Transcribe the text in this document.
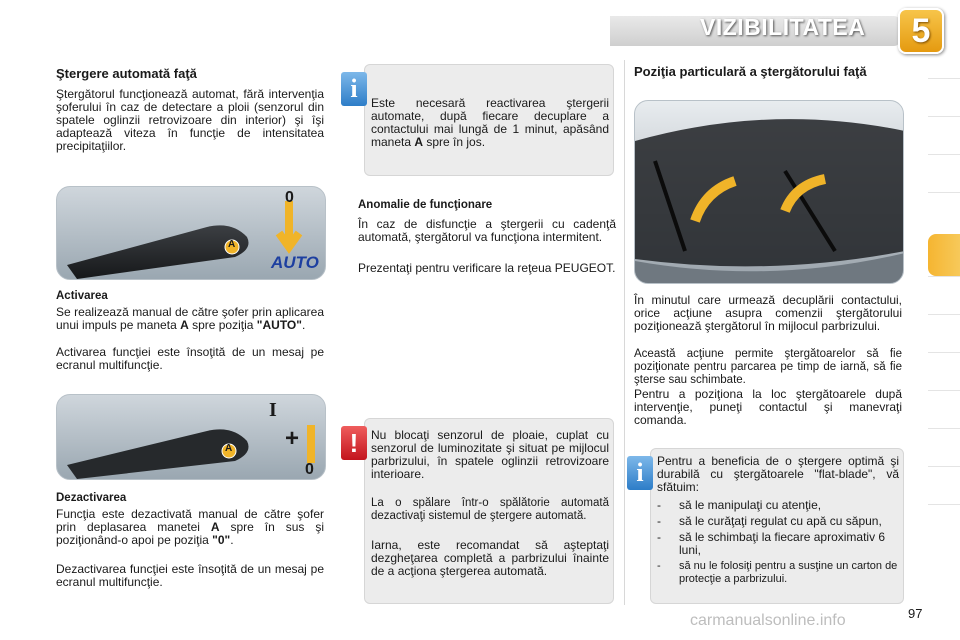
VIZIBILITATEA	5
Ştergere automată faţă
Ştergătorul funcţionează automat, fără intervenţia şoferului în caz de detectare a ploii (senzorul din spatele oglinzii retrovizoare din interior) şi îşi adaptează viteza în funcţie de intensitatea precipitaţiilor.
A
0
AUTO
Activarea
Se realizează manual de către şofer prin aplicarea unui impuls pe maneta A spre poziţia "AUTO".
Activarea funcţiei este însoţită de un mesaj pe ecranul multifuncţie.
A
I
+
0
Dezactivarea
Funcţia este dezactivată manual de către şofer prin deplasarea manetei A spre în sus şi poziţionând-o apoi pe poziţia "0".
Dezactivarea funcţiei este însoţită de un mesaj pe ecranul multifuncţie.
Este necesară reactivarea ştergerii automate, după fiecare decuplare a contactului mai lungă de 1 minut, apăsând maneta A spre în jos.
i
Anomalie de funcţionare
În caz de disfuncţie a ştergerii cu cadenţă automată, ştergătorul va funcţiona intermitent.
Prezentaţi pentru verificare la reţeua PEUGEOT.
Nu blocaţi senzorul de ploaie, cuplat cu senzorul de luminozitate şi situat pe mijlocul parbrizului, în spatele oglinzii retrovizoare interioare.
La o spălare într-o spălătorie automată dezactivaţi sistemul de ştergere automată.
Iarna, este recomandat să aşteptaţi dezgheţarea completă a parbrizului înainte de a acţiona ştergerea automată.
!
Poziţia particulară a ştergătorului faţă
În minutul care urmează decuplării contactului, orice acţiune asupra comenzii ştergătorului poziţionează ştergătorul în mijlocul parbrizului.
Această acţiune permite ştergătoarelor să fie poziţionate pentru parcarea pe timp de iarnă, să fie şterse sau schimbate.
Pentru a poziţiona la loc ştergătoarele după intervenţie, puneţi contactul şi manevraţi comanda.
Pentru a beneficia de o ştergere optimă şi durabilă cu ştergătoarele "flat-blade", vă sfătuim:
-	să le manipulaţi cu atenţie,
-	să le curăţaţi regulat cu apă cu săpun,
-	să le schimbaţi la fiecare aproximativ 6 luni,
-	să nu le folosiţi pentru a susţine un carton de protecţie a parbrizului.
i
carmanualsonline.info	97
